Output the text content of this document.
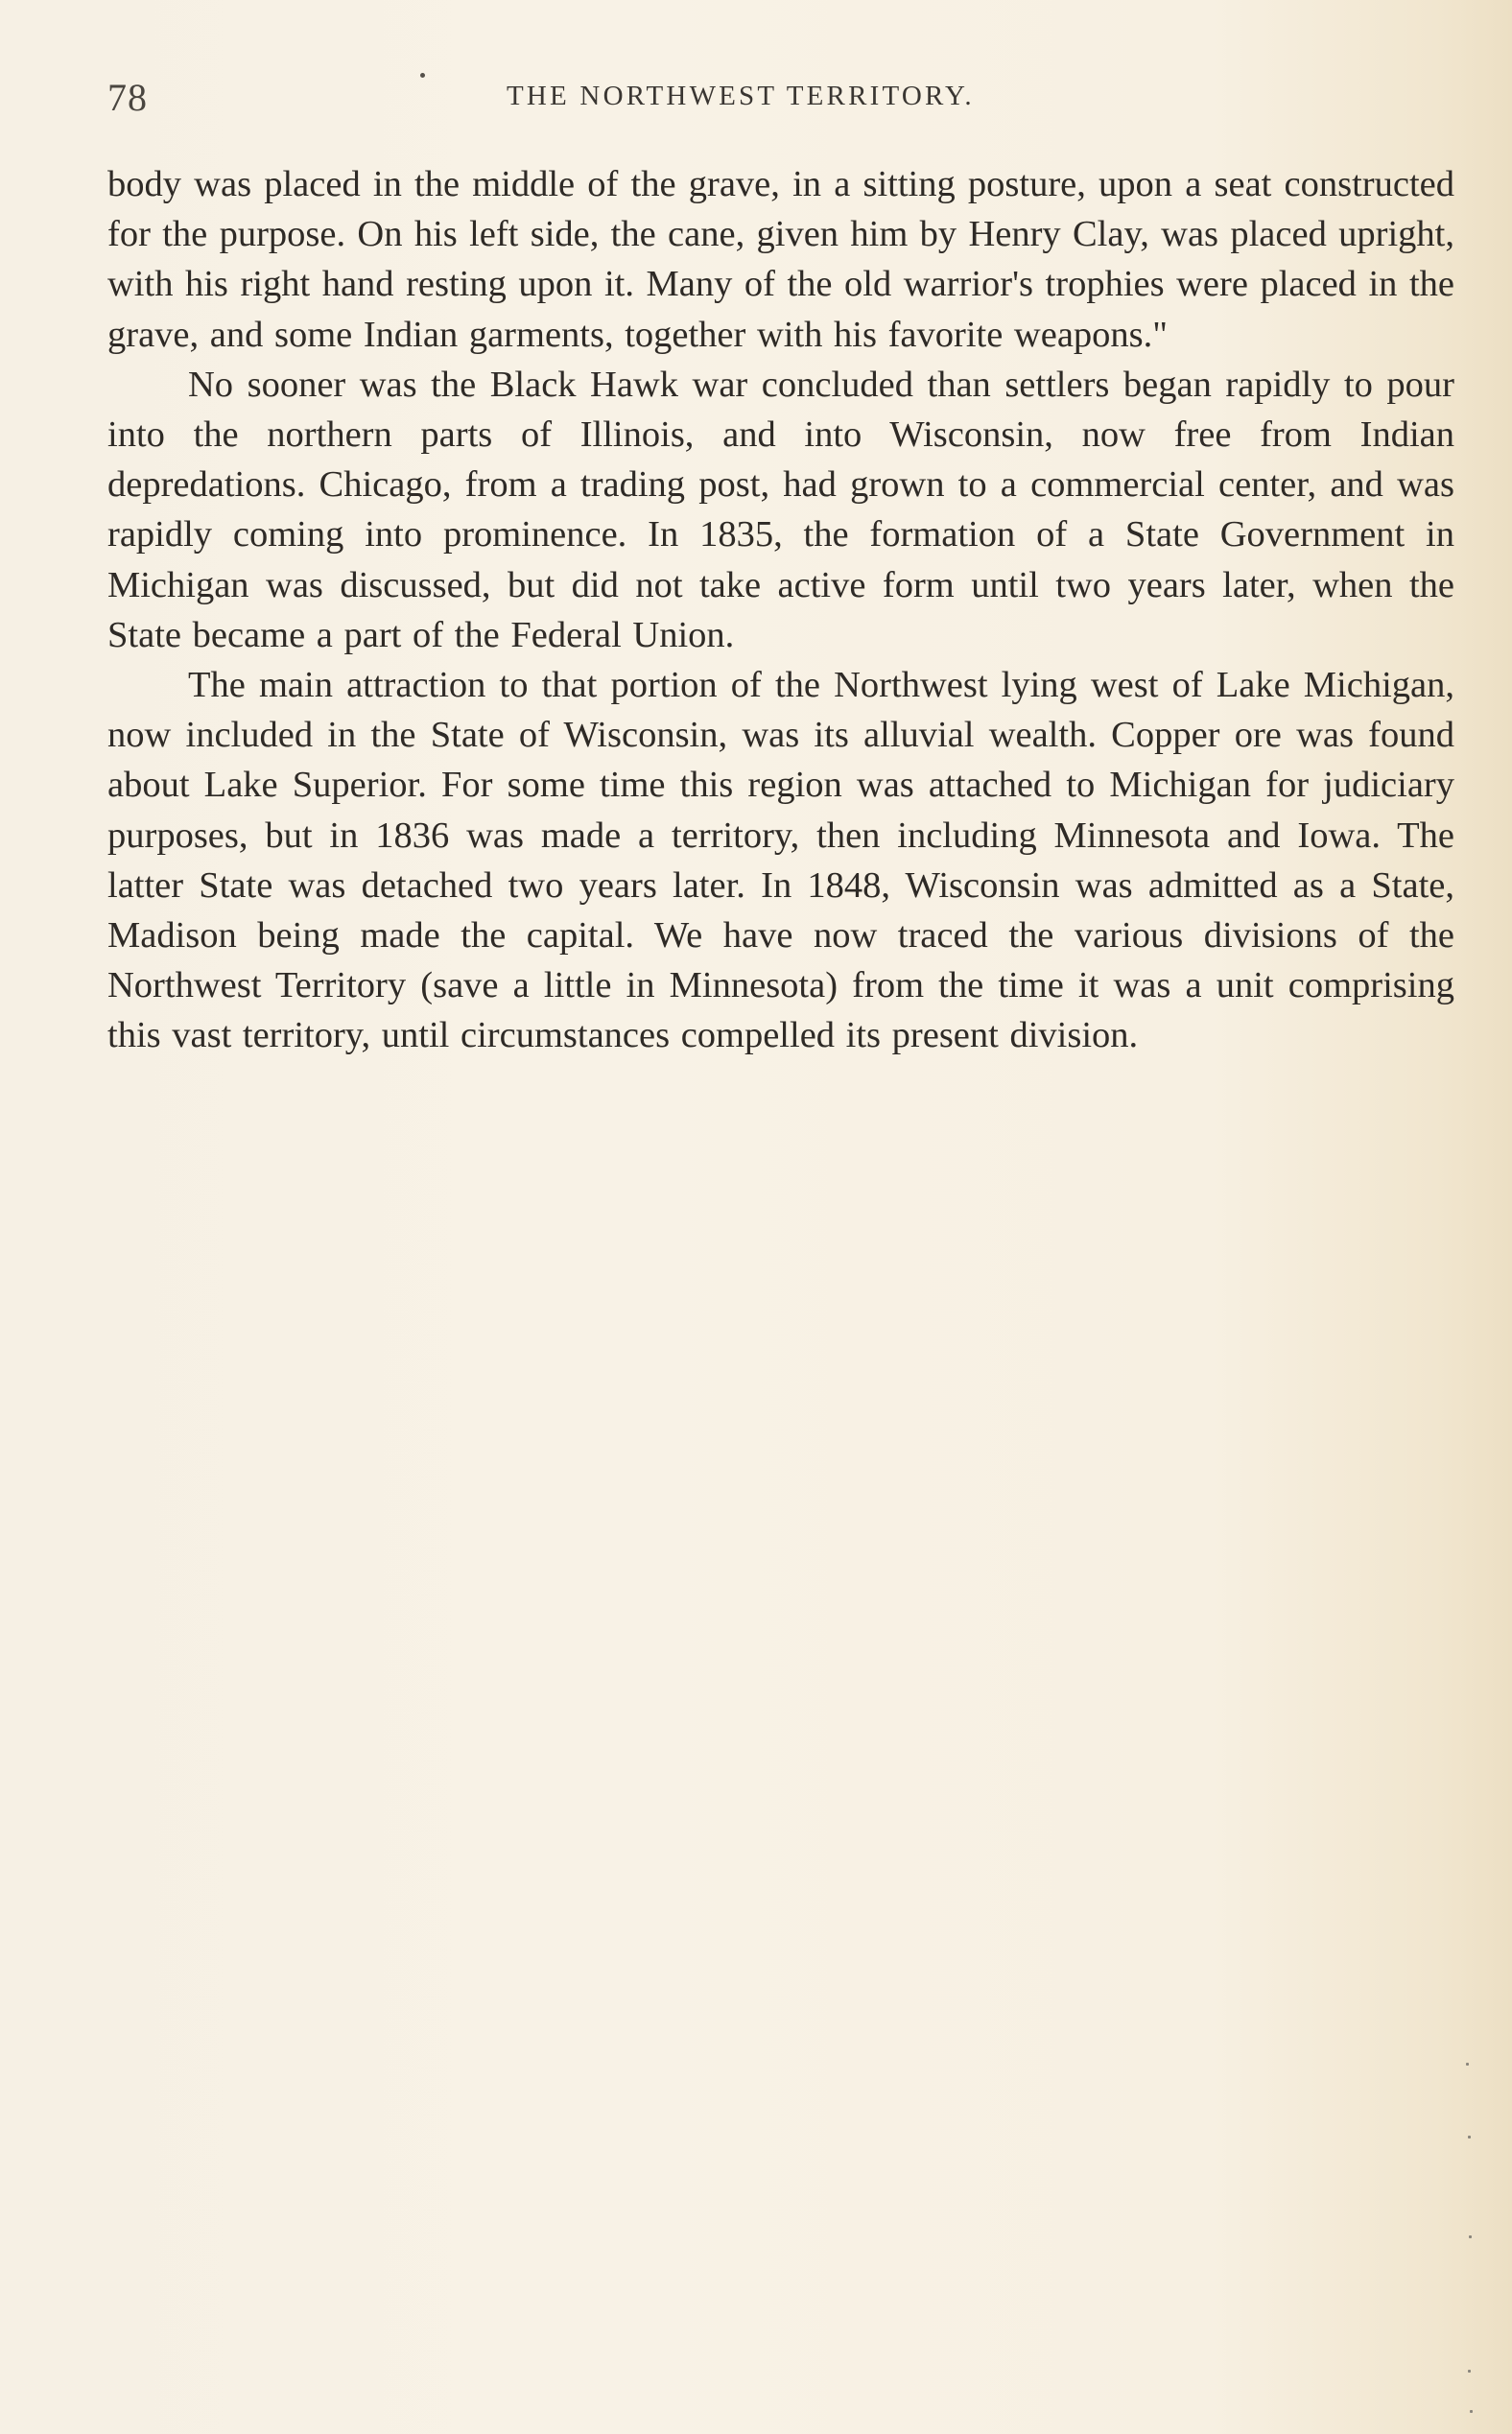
78	THE NORTHWEST TERRITORY.

body was placed in the middle of the grave, in a sitting posture, upon a seat constructed for the purpose. On his left side, the cane, given him by Henry Clay, was placed upright, with his right hand resting upon it. Many of the old warrior's trophies were placed in the grave, and some Indian garments, together with his favorite weapons."

No sooner was the Black Hawk war concluded than settlers began rapidly to pour into the northern parts of Illinois, and into Wisconsin, now free from Indian depredations. Chicago, from a trading post, had grown to a commercial center, and was rapidly coming into prominence. In 1835, the formation of a State Government in Michigan was discussed, but did not take active form until two years later, when the State became a part of the Federal Union.

The main attraction to that portion of the Northwest lying west of Lake Michigan, now included in the State of Wisconsin, was its alluvial wealth. Copper ore was found about Lake Superior. For some time this region was attached to Michigan for judiciary purposes, but in 1836 was made a territory, then including Minnesota and Iowa. The latter State was detached two years later. In 1848, Wisconsin was admitted as a State, Madison being made the capital. We have now traced the various divisions of the Northwest Territory (save a little in Minnesota) from the time it was a unit comprising this vast territory, until circumstances compelled its present division.
